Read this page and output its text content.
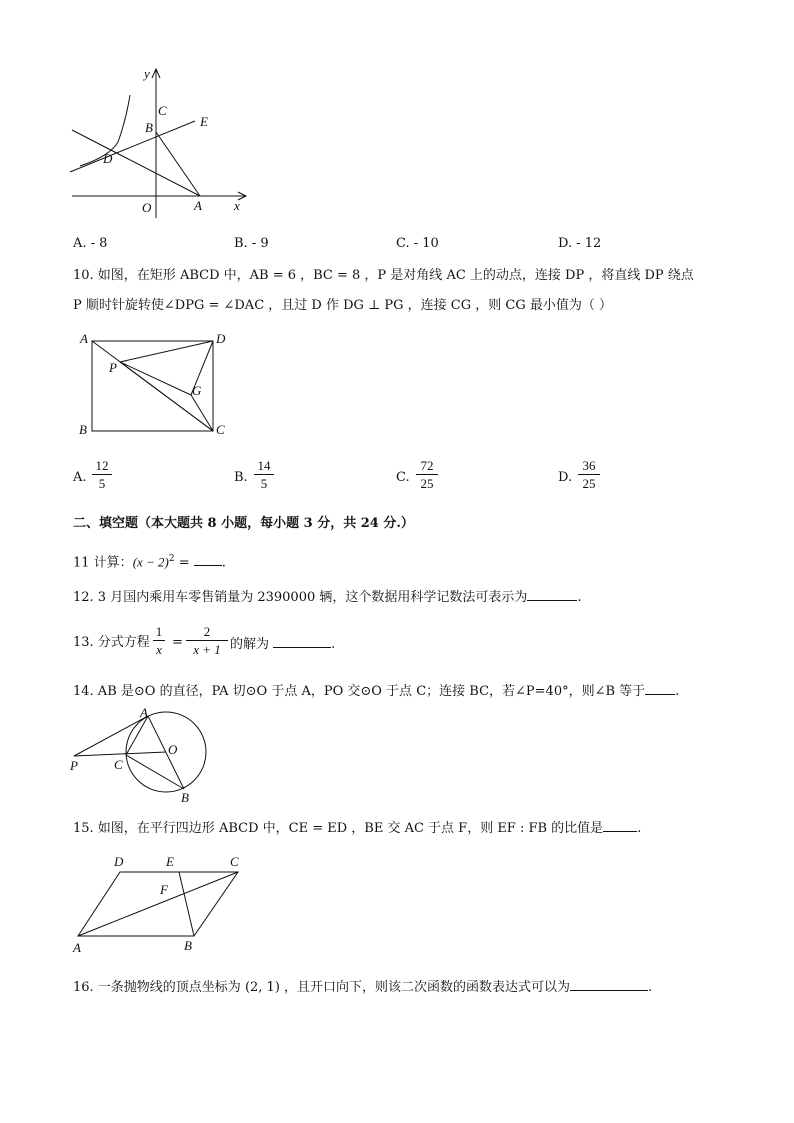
y
x
C
E
B
D
O	A
A. - 8	B. - 9	C. - 10	D. - 12
10. 如图，在矩形 ABCD 中，AB = 6 ，BC = 8 ，P 是对角线 AC 上的动点，连接 DP ，将直线 DP 绕点
P 顺时针旋转使∠DPG = ∠DAC ，且过 D 作 DG ⊥ PG ，连接 CG ，则 CG 最小值为（ ）
A	D
P
G
B	C
A.
12
5	B.
14
5	C.
72
25	D.
36
25
二、填空题（本大题共 8 小题，每小题 3 分，共 24 分.）
11 计算：$(x - 2)^2$ = .
12. 3 月国内乘用车零售销量为 2390000 辆，这个数据用科学记数法可表示为	.
13. 分式方程
1
x =
2
x + 1 的解为	.
14. AB 是⊙O 的直径，PA 切⊙O 于点 A，PO 交⊙O 于点 C；连接 BC，若∠P=40°，则∠B 等于 .
A
O
P	C
B
15. 如图，在平行四边形 ABCD 中，CE = ED ，BE 交 AC 于点 F，则 EF : FB 的比值是	.
D	E	C
F
A	B
16. 一条抛物线的顶点坐标为 (2, 1) ，且开口向下，则该二次函数的函数表达式可以为	.
